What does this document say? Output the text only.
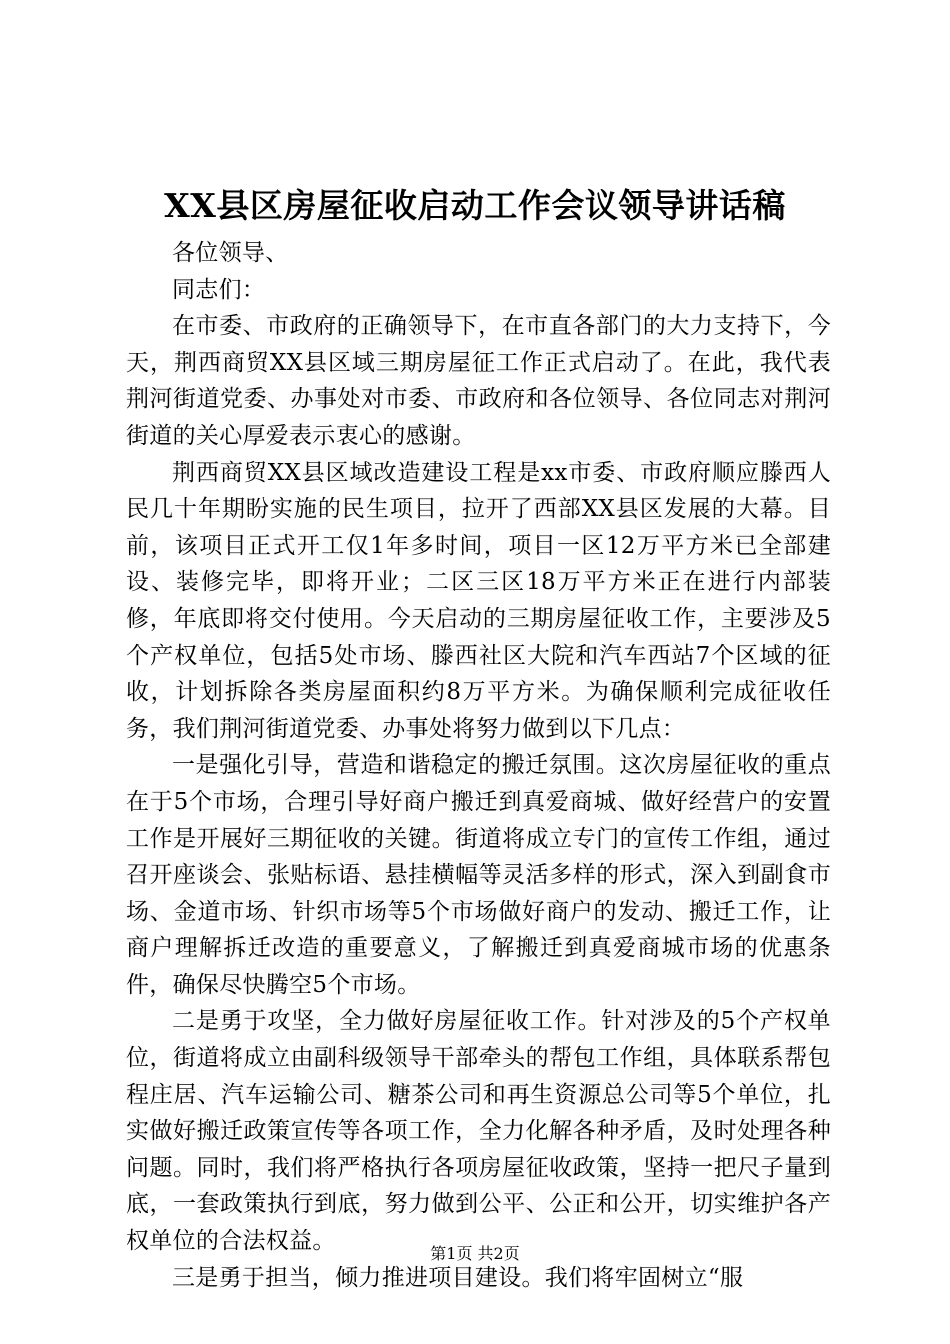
XX县区房屋征收启动工作会议领导讲话稿

各位领导、

同志们：

在市委、市政府的正确领导下，在市直各部门的大力支持下，今天，荆西商贸XX县区域三期房屋征工作正式启动了。在此，我代表荆河街道党委、办事处对市委、市政府和各位领导、各位同志对荆河街道的关心厚爱表示衷心的感谢。

荆西商贸XX县区域改造建设工程是xx市委、市政府顺应滕西人民几十年期盼实施的民生项目，拉开了西部XX县区发展的大幕。目前，该项目正式开工仅1年多时间，项目一区12万平方米已全部建设、装修完毕，即将开业；二区三区18万平方米正在进行内部装修，年底即将交付使用。今天启动的三期房屋征收工作，主要涉及5个产权单位，包括5处市场、滕西社区大院和汽车西站7个区域的征收，计划拆除各类房屋面积约8万平方米。为确保顺利完成征收任务，我们荆河街道党委、办事处将努力做到以下几点：

一是强化引导，营造和谐稳定的搬迁氛围。这次房屋征收的重点在于5个市场，合理引导好商户搬迁到真爱商城、做好经营户的安置工作是开展好三期征收的关键。街道将成立专门的宣传工作组，通过召开座谈会、张贴标语、悬挂横幅等灵活多样的形式，深入到副食市场、金道市场、针织市场等5个市场做好商户的发动、搬迁工作，让商户理解拆迁改造的重要意义，了解搬迁到真爱商城市场的优惠条件，确保尽快腾空5个市场。

二是勇于攻坚，全力做好房屋征收工作。针对涉及的5个产权单位，街道将成立由副科级领导干部牵头的帮包工作组，具体联系帮包程庄居、汽车运输公司、糖茶公司和再生资源总公司等5个单位，扎实做好搬迁政策宣传等各项工作，全力化解各种矛盾，及时处理各种问题。同时，我们将严格执行各项房屋征收政策，坚持一把尺子量到底，一套政策执行到底，努力做到公平、公正和公开，切实维护各产权单位的合法权益。

三是勇于担当，倾力推进项目建设。我们将牢固树立“服

第1页 共2页
